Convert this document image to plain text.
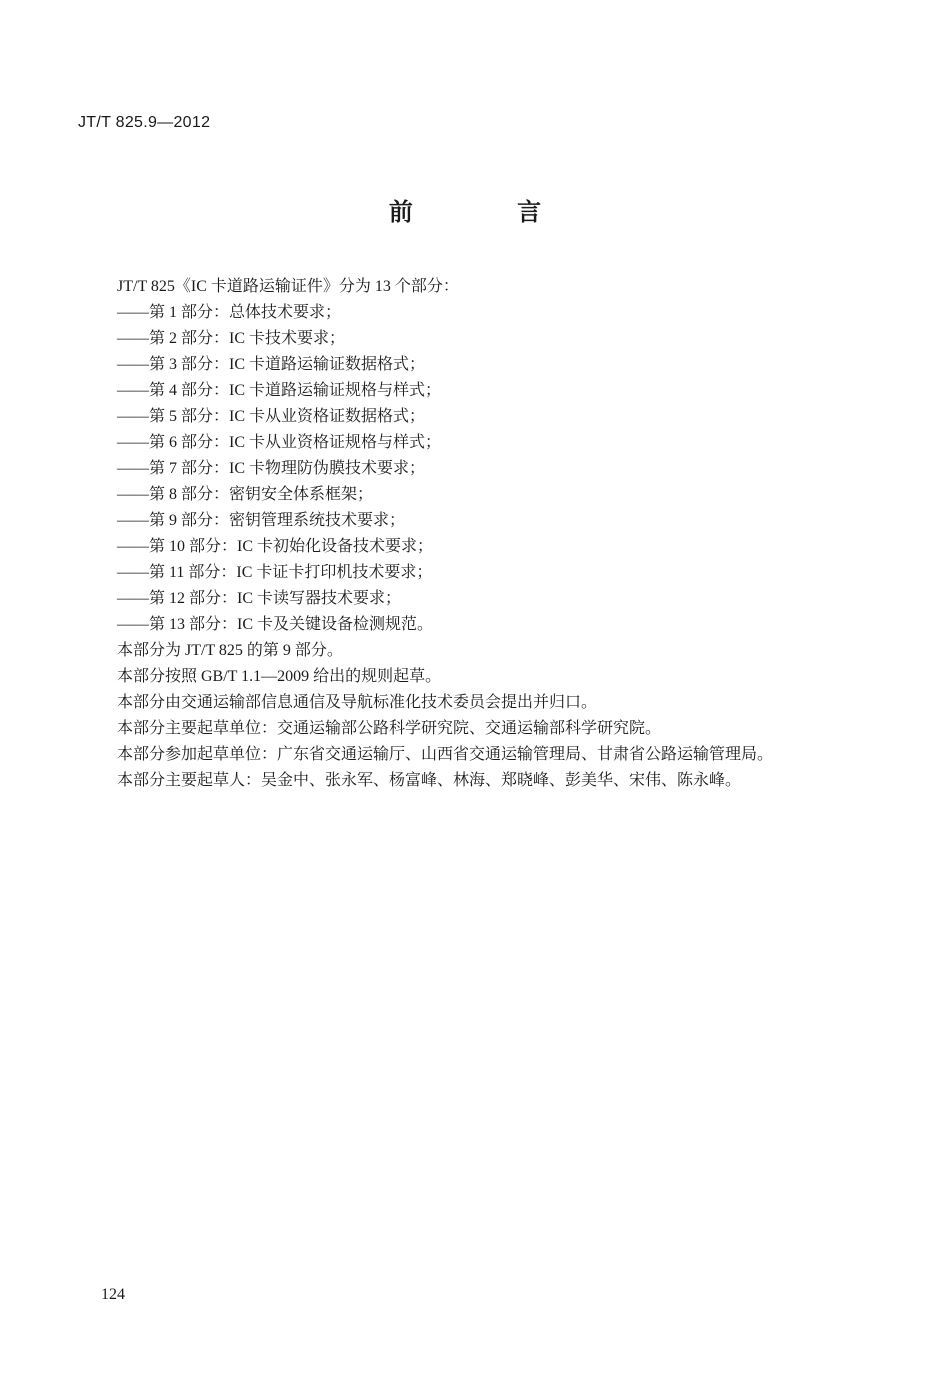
JT/T 825.9—2012
前 言
JT/T 825《IC 卡道路运输证件》分为 13 个部分：
——第 1 部分：总体技术要求；
——第 2 部分：IC 卡技术要求；
——第 3 部分：IC 卡道路运输证数据格式；
——第 4 部分：IC 卡道路运输证规格与样式；
——第 5 部分：IC 卡从业资格证数据格式；
——第 6 部分：IC 卡从业资格证规格与样式；
——第 7 部分：IC 卡物理防伪膜技术要求；
——第 8 部分：密钥安全体系框架；
——第 9 部分：密钥管理系统技术要求；
——第 10 部分：IC 卡初始化设备技术要求；
——第 11 部分：IC 卡证卡打印机技术要求；
——第 12 部分：IC 卡读写器技术要求；
——第 13 部分：IC 卡及关键设备检测规范。
本部分为 JT/T 825 的第 9 部分。
本部分按照 GB/T 1.1—2009 给出的规则起草。
本部分由交通运输部信息通信及导航标准化技术委员会提出并归口。
本部分主要起草单位：交通运输部公路科学研究院、交通运输部科学研究院。
本部分参加起草单位：广东省交通运输厅、山西省交通运输管理局、甘肃省公路运输管理局。
本部分主要起草人：吴金中、张永军、杨富峰、林海、郑晓峰、彭美华、宋伟、陈永峰。
124
